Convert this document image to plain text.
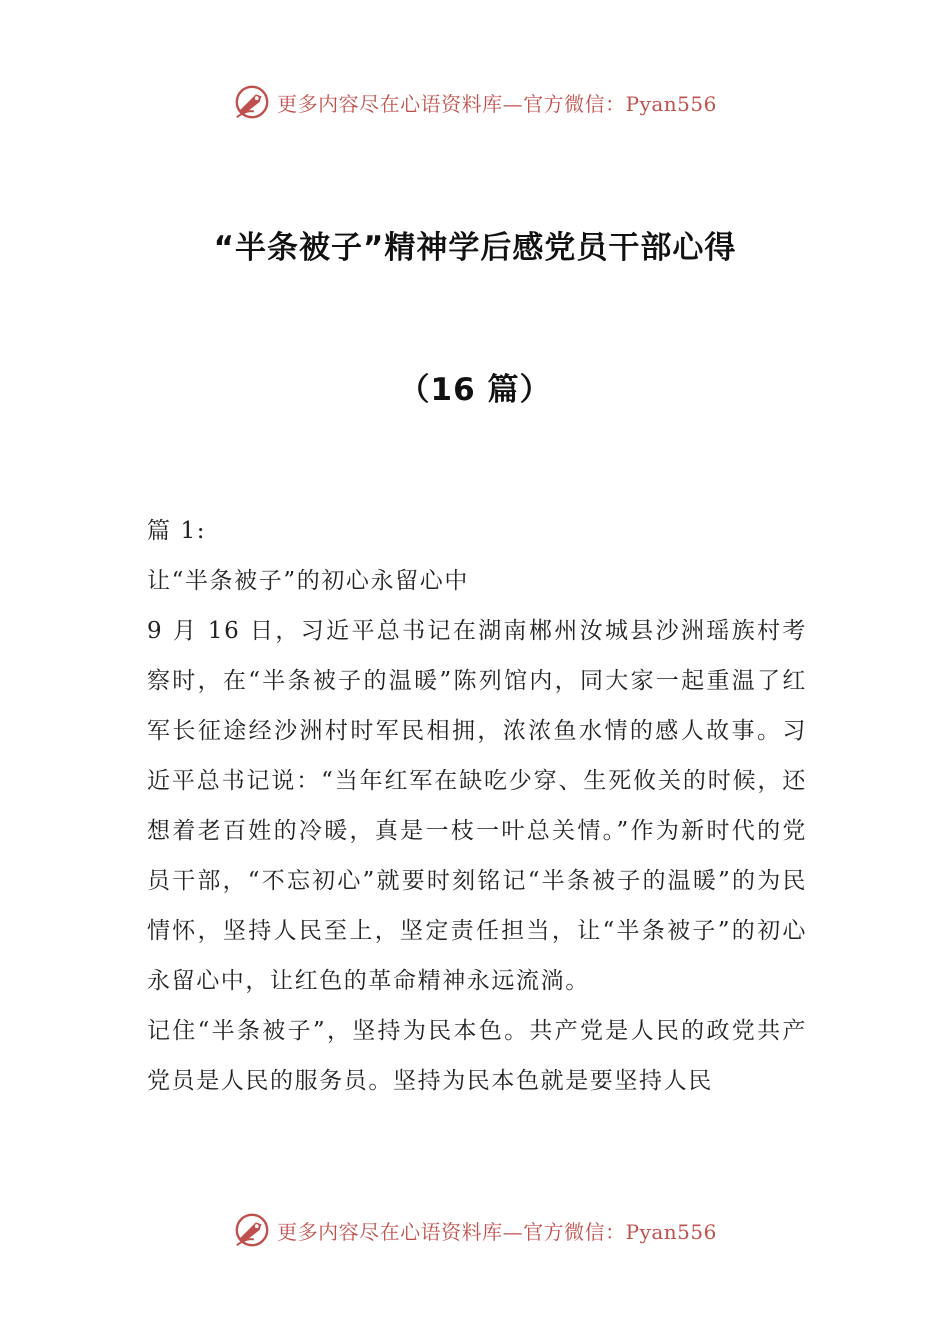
更多内容尽在心语资料库—官方微信：Pyan556
“半条被子”精神学后感党员干部心得
（16 篇）

篇 1:

让“半条被子”的初心永留心中

9 月 16 日，习近平总书记在湖南郴州汝城县沙洲瑶族村考察时，在“半条被子的温暖”陈列馆内，同大家一起重温了红军长征途经沙洲村时军民相拥，浓浓鱼水情的感人故事。习近平总书记说：“当年红军在缺吃少穿、生死攸关的时候，还想着老百姓的冷暖，真是一枝一叶总关情。”作为新时代的党员干部，“不忘初心”就要时刻铭记“半条被子的温暖”的为民情怀，坚持人民至上，坚定责任担当，让“半条被子”的初心永留心中，让红色的革命精神永远流淌。

记住“半条被子”，坚持为民本色。共产党是人民的政党共产党员是人民的服务员。坚持为民本色就是要坚持人民

更多内容尽在心语资料库—官方微信：Pyan556
